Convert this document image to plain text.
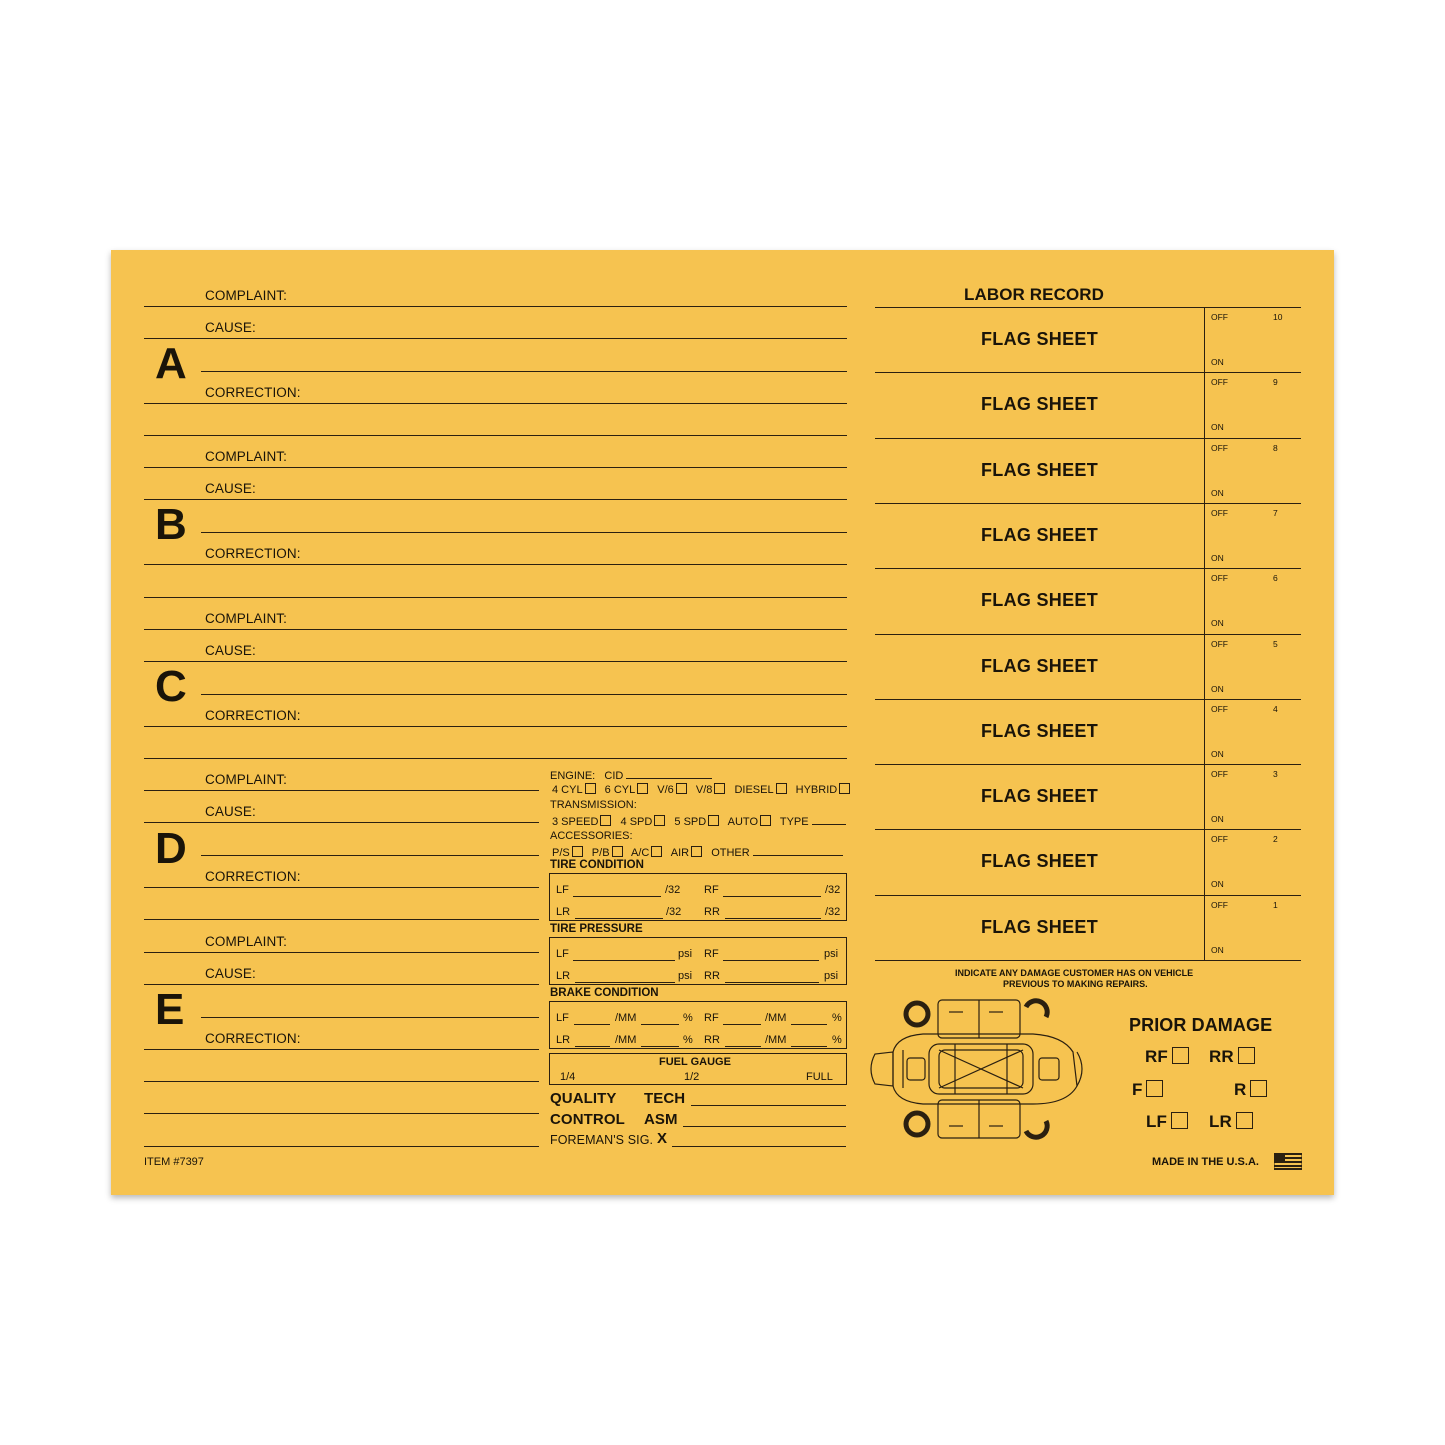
COMPLAINT:
CAUSE:
A
CORRECTION:
COMPLAINT:
CAUSE:
B
CORRECTION:
COMPLAINT:
CAUSE:
C
CORRECTION:
COMPLAINT:
CAUSE:
D
CORRECTION:
COMPLAINT:
CAUSE:
E
CORRECTION:
ITEM #7397
ENGINE: CID
4 CYL 6 CYL V/6 V/8 DIESEL HYBRID
TRANSMISSION:
3 SPEED 4 SPD 5 SPD AUTO TYPE
ACCESSORIES:
P/S P/B A/C AIR OTHER
TIRE CONDITION
LF	/32 RF	/32
LR	/32 RR	/32
TIRE PRESSURE
LF	psi RF	psi
LR	psi RR	psi
BRAKE CONDITION
LF	/MM	% RF	/MM	%
LR	/MM	% RR	/MM	%
FUEL GAUGE
1/4	1/2	FULL
QUALITY TECH
CONTROL ASM
FOREMAN'S SIG. X
LABOR RECORD
FLAG SHEET
OFF	10
ON
FLAG SHEET
OFF	9
ON
FLAG SHEET
OFF	8
ON
FLAG SHEET
OFF	7
ON
FLAG SHEET
OFF	6
ON
FLAG SHEET
OFF	5
ON
FLAG SHEET
OFF	4
ON
FLAG SHEET
OFF	3
ON
FLAG SHEET
OFF	2
ON
FLAG SHEET
OFF	1
ON
INDICATE ANY DAMAGE CUSTOMER HAS ON VEHICLE
PREVIOUS TO MAKING REPAIRS.
PRIOR DAMAGE
RF	RR
F	R
LF	LR
MADE IN THE U.S.A.
